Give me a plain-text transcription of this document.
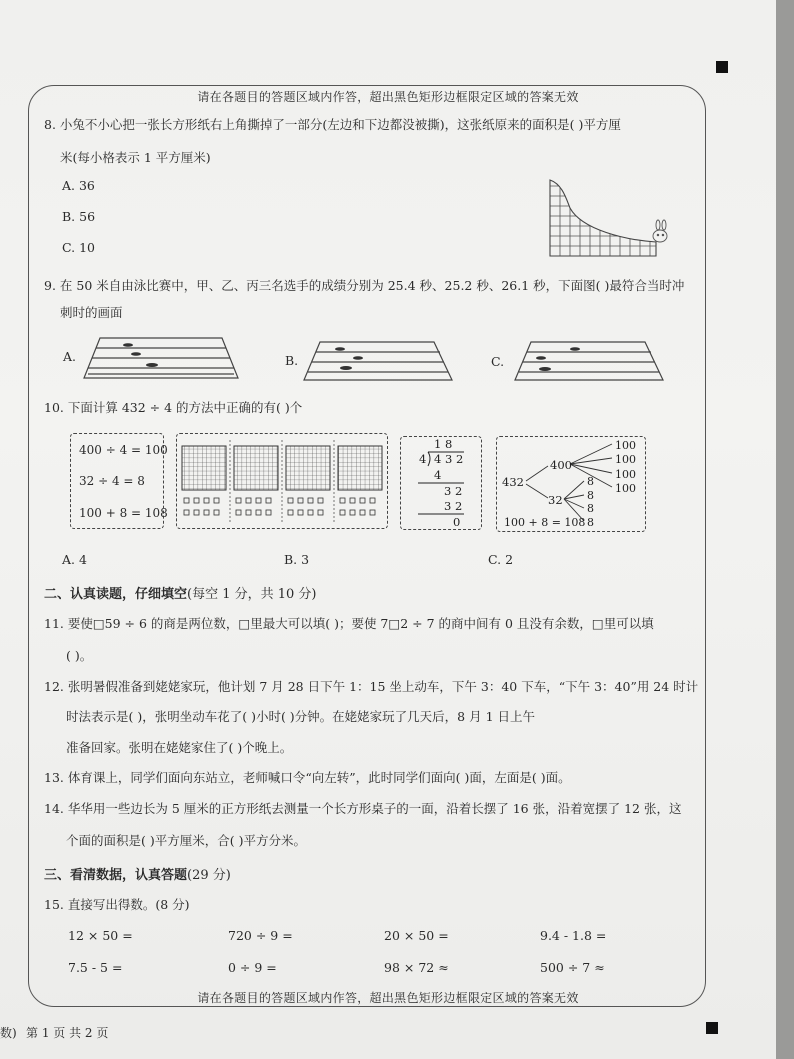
请在各题目的答题区域内作答，超出黑色矩形边框限定区域的答案无效
8. 小兔不小心把一张长方形纸右上角撕掉了一部分(左边和下边都没被撕)，这张纸原来的面积是( )平方厘
米(每小格表示 1 平方厘米)
A. 36
B. 56
C. 10
9. 在 50 米自由泳比赛中，甲、乙、丙三名选手的成绩分别为 25.4 秒、25.2 秒、26.1 秒，下面图( )最符合当时冲
刺时的画面
A.	B.	C.
10. 下面计算 432 ÷ 4 的方法中正确的有( )个
400 ÷ 4 = 100
32 ÷ 4 = 8
100 + 8 = 108
1 8
4 4 3 2
4
3 2
3 2
0
432
400
32
100
100
100
100
8
8
8
8
100 + 8 = 108
A. 4	B. 3	C. 2
二、认真读题，仔细填空(每空 1 分，共 10 分)
11. 要使□59 ÷ 6 的商是两位数，□里最大可以填( )；要使 7□2 ÷ 7 的商中间有 0 且没有余数，□里可以填
( )。
12. 张明暑假准备到姥姥家玩，他计划 7 月 28 日下午 1：15 坐上动车，下午 3：40 下车，“下午 3：40”用 24 时计
时法表示是( )，张明坐动车花了( )小时( )分钟。在姥姥家玩了几天后，8 月 1 日上午
准备回家。张明在姥姥家住了( )个晚上。
13. 体育课上，同学们面向东站立，老师喊口令“向左转”，此时同学们面向( )面，左面是( )面。
14. 华华用一些边长为 5 厘米的正方形纸去测量一个长方形桌子的一面，沿着长摆了 16 张，沿着宽摆了 12 张，这
个面的面积是( )平方厘米，合( )平方分米。
三、看清数据，认真答题(29 分)
15. 直接写出得数。(8 分)
12 × 50 =	720 ÷ 9 =	20 × 50 =	9.4 - 1.8 =
7.5 - 5 =	0 ÷ 9 =	98 × 72 ≈	500 ÷ 7 ≈
请在各题目的答题区域内作答，超出黑色矩形边框限定区域的答案无效
数) 第 1 页 共 2 页
